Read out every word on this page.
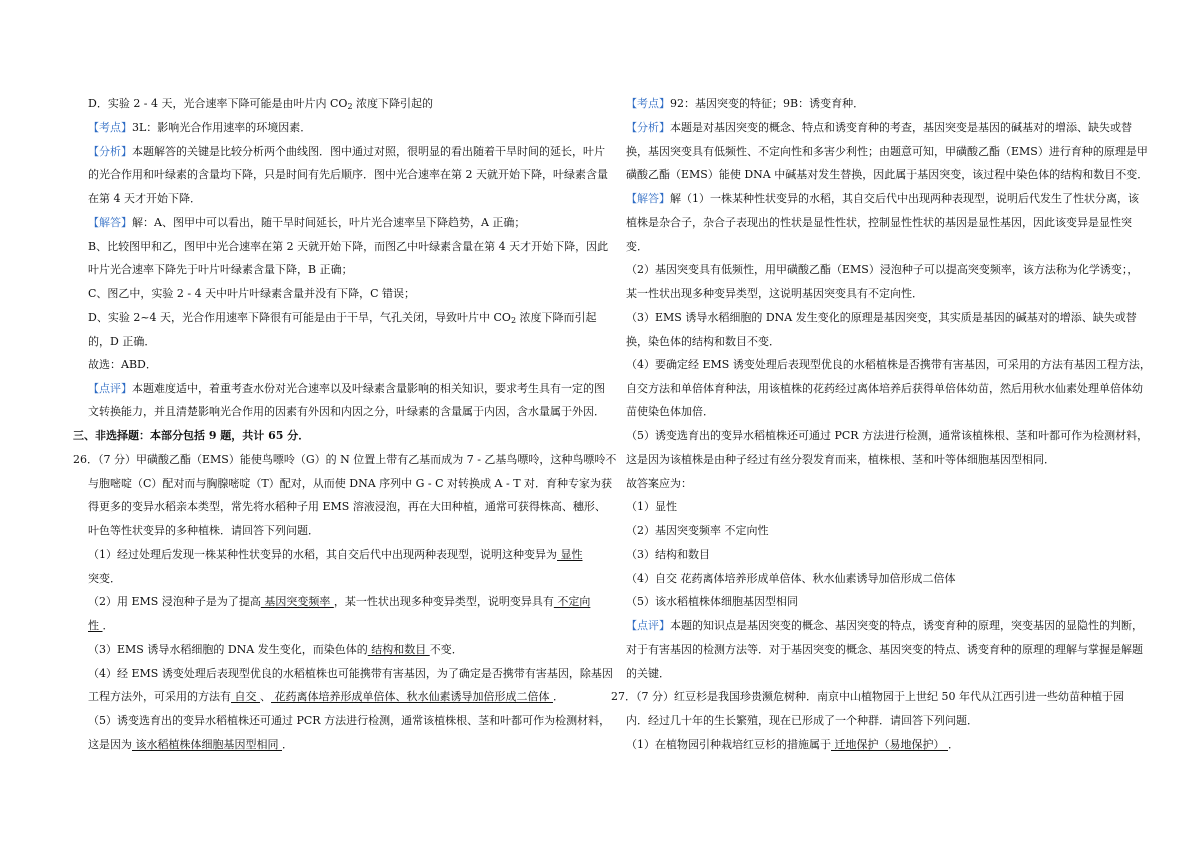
D．实验 2 - 4 天，光合速率下降可能是由叶片内 $CO_2$ 浓度下降引起的
【考点】3L：影响光合作用速率的环境因素．
【分析】本题解答的关键是比较分析两个曲线图．图中通过对照，很明显的看出随着干旱时间的延长，叶片
的光合作用和叶绿素的含量均下降，只是时间有先后顺序．图中光合速率在第 2 天就开始下降，叶绿素含量
在第 4 天才开始下降．
【解答】解：A、图甲中可以看出，随干旱时间延长，叶片光合速率呈下降趋势，A 正确；
B、比较图甲和乙，图甲中光合速率在第 2 天就开始下降，而图乙中叶绿素含量在第 4 天才开始下降，因此
叶片光合速率下降先于叶片叶绿素含量下降，B 正确；
C、图乙中，实验 2 - 4 天中叶片叶绿素含量并没有下降，C 错误；
D、实验 2~4 天，光合作用速率下降很有可能是由于干旱，气孔关闭，导致叶片中 $CO_2$ 浓度下降而引起
的，D 正确．
故选：ABD．
【点评】本题难度适中，着重考查水份对光合速率以及叶绿素含量影响的相关知识，要求考生具有一定的图
文转换能力，并且清楚影响光合作用的因素有外因和内因之分，叶绿素的含量属于内因，含水量属于外因．
三、非选择题：本部分包括 9 题，共计 65 分．
26．（7 分）甲磺酸乙酯（EMS）能使鸟嘌呤（G）的 N 位置上带有乙基而成为 7 - 乙基鸟嘌呤，这种鸟嘌呤不
与胞嘧啶（C）配对而与胸腺嘧啶（T）配对，从而使 DNA 序列中 G - C 对转换成 A - T 对．育种专家为获
得更多的变异水稻亲本类型，常先将水稻种子用 EMS 溶液浸泡，再在大田种植，通常可获得株高、穗形、
叶色等性状变异的多种植株．请回答下列问题．
（1）经过处理后发现一株某种性状变异的水稻，其自交后代中出现两种表现型，说明这种变异为 显性
突变．
（2）用 EMS 浸泡种子是为了提高 基因突变频率 ，某一性状出现多种变异类型，说明变异具有 不定向
性 ．
（3）EMS 诱导水稻细胞的 DNA 发生变化，而染色体的 结构和数目 不变．
（4）经 EMS 诱变处理后表现型优良的水稻植株也可能携带有害基因，为了确定是否携带有害基因，除基因
工程方法外，可采用的方法有 自交 、 花药离体培养形成单倍体、秋水仙素诱导加倍形成二倍体 ．
（5）诱变选育出的变异水稻植株还可通过 PCR 方法进行检测，通常该植株根、茎和叶都可作为检测材料，
这是因为 该水稻植株体细胞基因型相同 ．
【考点】92：基因突变的特征；9B：诱变育种．
【分析】本题是对基因突变的概念、特点和诱变育种的考查，基因突变是基因的碱基对的增添、缺失或替
换，基因突变具有低频性、不定向性和多害少利性；由题意可知，甲磺酸乙酯（EMS）进行育种的原理是甲
磺酸乙酯（EMS）能使 DNA 中碱基对发生替换，因此属于基因突变，该过程中染色体的结构和数目不变．
【解答】解（1）一株某种性状变异的水稻，其自交后代中出现两种表现型，说明后代发生了性状分离，该
植株是杂合子，杂合子表现出的性状是显性性状，控制显性性状的基因是显性基因，因此该变异是显性突
变．
（2）基因突变具有低频性，用甲磺酸乙酯（EMS）浸泡种子可以提高突变频率，该方法称为化学诱变；，
某一性状出现多种变异类型，这说明基因突变具有不定向性．
（3）EMS 诱导水稻细胞的 DNA 发生变化的原理是基因突变，其实质是基因的碱基对的增添、缺失或替
换，染色体的结构和数目不变．
（4）要确定经 EMS 诱变处理后表现型优良的水稻植株是否携带有害基因，可采用的方法有基因工程方法，
自交方法和单倍体育种法，用该植株的花药经过离体培养后获得单倍体幼苗，然后用秋水仙素处理单倍体幼
苗使染色体加倍．
（5）诱变选育出的变异水稻植株还可通过 PCR 方法进行检测，通常该植株根、茎和叶都可作为检测材料，
这是因为该植株是由种子经过有丝分裂发育而来，植株根、茎和叶等体细胞基因型相同．
故答案应为：
（1）显性
（2）基因突变频率 不定向性
（3）结构和数目
（4）自交 花药离体培养形成单倍体、秋水仙素诱导加倍形成二倍体
（5）该水稻植株体细胞基因型相同
【点评】本题的知识点是基因突变的概念、基因突变的特点，诱变育种的原理，突变基因的显隐性的判断，
对于有害基因的检测方法等．对于基因突变的概念、基因突变的特点、诱变育种的原理的理解与掌握是解题
的关键．
27．（7 分）红豆杉是我国珍贵濒危树种．南京中山植物园于上世纪 50 年代从江西引进一些幼苗种植于园
内．经过几十年的生长繁殖，现在已形成了一个种群．请回答下列问题．
（1）在植物园引种栽培红豆杉的措施属于 迁地保护（易地保护） ．
